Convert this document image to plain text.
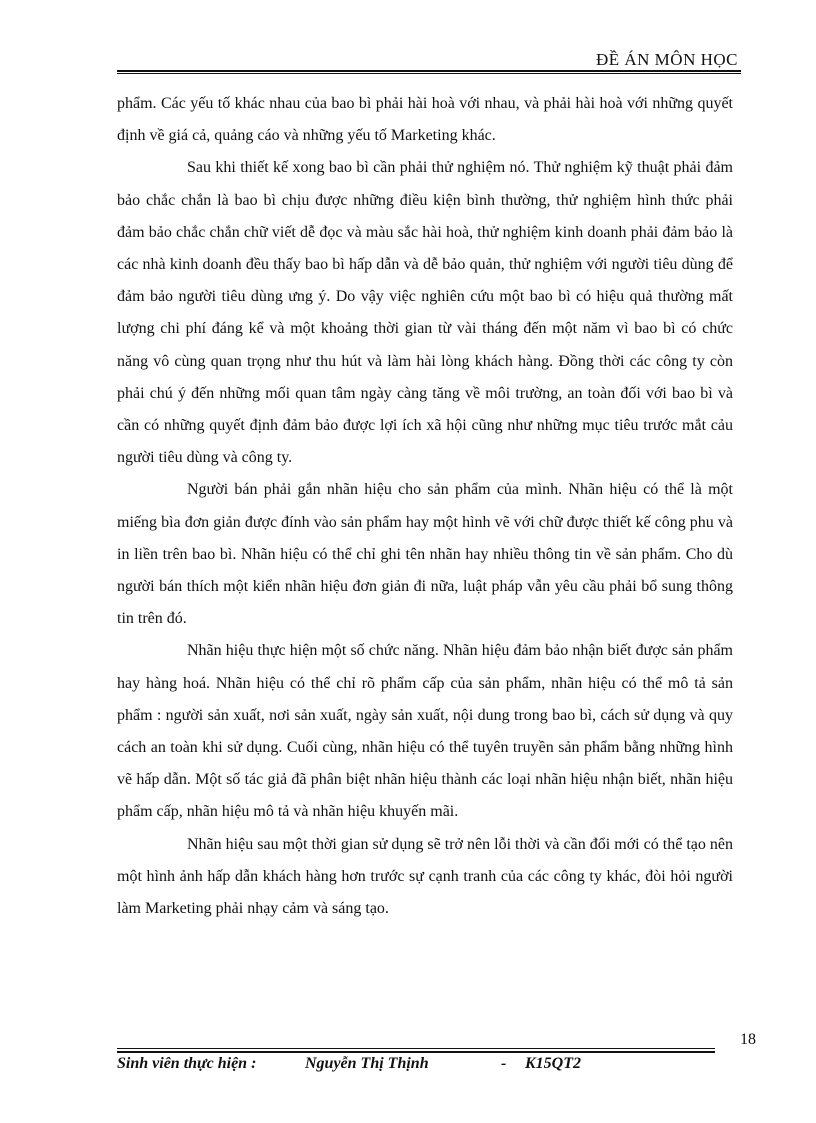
ĐỀ ÁN MÔN HỌC

phẩm. Các yếu tố khác nhau của bao bì phải hài hoà với nhau, và phải hài hoà với những quyết định về giá cả, quảng cáo và những yếu tố Marketing khác.

Sau khi thiết kế xong bao bì cần phải thử nghiệm nó. Thử nghiệm kỹ thuật phải đảm bảo chắc chắn là bao bì chịu được những điều kiện bình thường, thử nghiệm hình thức phải đảm bảo chắc chắn chữ viết dễ đọc và màu sắc hài hoà, thử nghiệm kinh doanh phải đảm bảo là các nhà kinh doanh đều thấy bao bì hấp dẫn và dễ bảo quản, thử nghiệm với người tiêu dùng để đảm bảo người tiêu dùng ưng ý. Do vậy việc nghiên cứu một bao bì có hiệu quả thường mất lượng chi phí đáng kể và một khoảng thời gian từ vài tháng đến một năm vì bao bì có chức năng vô cùng quan trọng như thu hút và làm hài lòng khách hàng. Đồng thời các công ty còn phải chú ý đến những mối quan tâm ngày càng tăng về môi trường, an toàn đối với bao bì và cần có những quyết định đảm bảo được lợi ích xã hội cũng như những mục tiêu trước mắt cảu người tiêu dùng và công ty.

Người bán phải gắn nhãn hiệu cho sản phẩm của mình. Nhãn hiệu có thể là một miếng bìa đơn giản được đính vào sản phẩm hay một hình vẽ với chữ được thiết kế công phu và in liền trên bao bì. Nhãn hiệu có thể chỉ ghi tên nhãn hay nhiều thông tin về sản phẩm. Cho dù người bán thích một kiển nhãn hiệu đơn giản đi nữa, luật pháp vẫn yêu cầu phải bổ sung thông tin trên đó.

Nhãn hiệu thực hiện một số chức năng. Nhãn hiệu đảm bảo nhận biết được sản phẩm hay hàng hoá. Nhãn hiệu có thể chỉ rõ phẩm cấp của sản phẩm, nhãn hiệu có thể mô tả sản phẩm : người sản xuất, nơi sản xuất, ngày sản xuất, nội dung trong bao bì, cách sử dụng và quy cách an toàn khi sử dụng. Cuối cùng, nhãn hiệu có thể tuyên truyền sản phẩm bằng những hình vẽ hấp dẫn. Một số tác giả đã phân biệt nhãn hiệu thành các loại nhãn hiệu nhận biết, nhãn hiệu phẩm cấp, nhãn hiệu mô tả và nhãn hiệu khuyến mãi.

Nhãn hiệu sau một thời gian sử dụng sẽ trở nên lỗi thời và cần đổi mới có thể tạo nên một hình ảnh hấp dẫn khách hàng hơn trước sự cạnh tranh của các công ty khác, đòi hỏi người làm Marketing phải nhạy cảm và sáng tạo.

18
Sinh viên thực hiện :	Nguyễn Thị Thịnh	- K15QT2
